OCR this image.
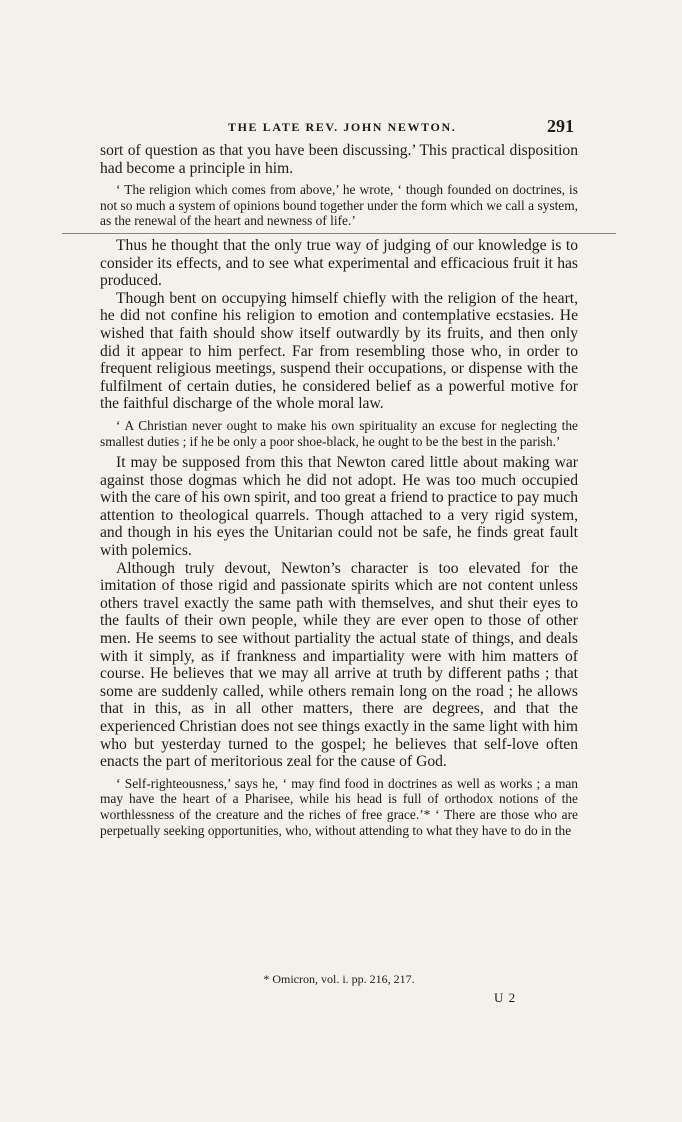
THE LATE REV. JOHN NEWTON.	291

sort of question as that you have been discussing.’ This practical disposition had become a principle in him.

‘ The religion which comes from above,’ he wrote, ‘ though founded on doctrines, is not so much a system of opinions bound together under the form which we call a system, as the renewal of the heart and newness of life.’

Thus he thought that the only true way of judging of our knowledge is to consider its effects, and to see what experimental and efficacious fruit it has produced.

Though bent on occupying himself chiefly with the religion of the heart, he did not confine his religion to emotion and contemplative ecstasies. He wished that faith should show itself outwardly by its fruits, and then only did it appear to him perfect. Far from resembling those who, in order to frequent religious meetings, suspend their occupations, or dispense with the fulfilment of certain duties, he considered belief as a powerful motive for the faithful discharge of the whole moral law.

‘ A Christian never ought to make his own spirituality an excuse for neglecting the smallest duties ; if he be only a poor shoe-black, he ought to be the best in the parish.’

It may be supposed from this that Newton cared little about making war against those dogmas which he did not adopt. He was too much occupied with the care of his own spirit, and too great a friend to practice to pay much attention to theological quarrels. Though attached to a very rigid system, and though in his eyes the Unitarian could not be safe, he finds great fault with polemics.

Although truly devout, Newton’s character is too elevated for the imitation of those rigid and passionate spirits which are not content unless others travel exactly the same path with themselves, and shut their eyes to the faults of their own people, while they are ever open to those of other men. He seems to see without partiality the actual state of things, and deals with it simply, as if frankness and impartiality were with him matters of course. He believes that we may all arrive at truth by different paths ; that some are suddenly called, while others remain long on the road ; he allows that in this, as in all other matters, there are degrees, and that the experienced Christian does not see things exactly in the same light with him who but yesterday turned to the gospel; he believes that self-love often enacts the part of meritorious zeal for the cause of God.

‘ Self-righteousness,’ says he, ‘ may find food in doctrines as well as works ; a man may have the heart of a Pharisee, while his head is full of orthodox notions of the worthlessness of the creature and the riches of free grace.’* ‘ There are those who are perpetually seeking opportunities, who, without attending to what they have to do in the

* Omicron, vol. i. pp. 216, 217.
U 2
